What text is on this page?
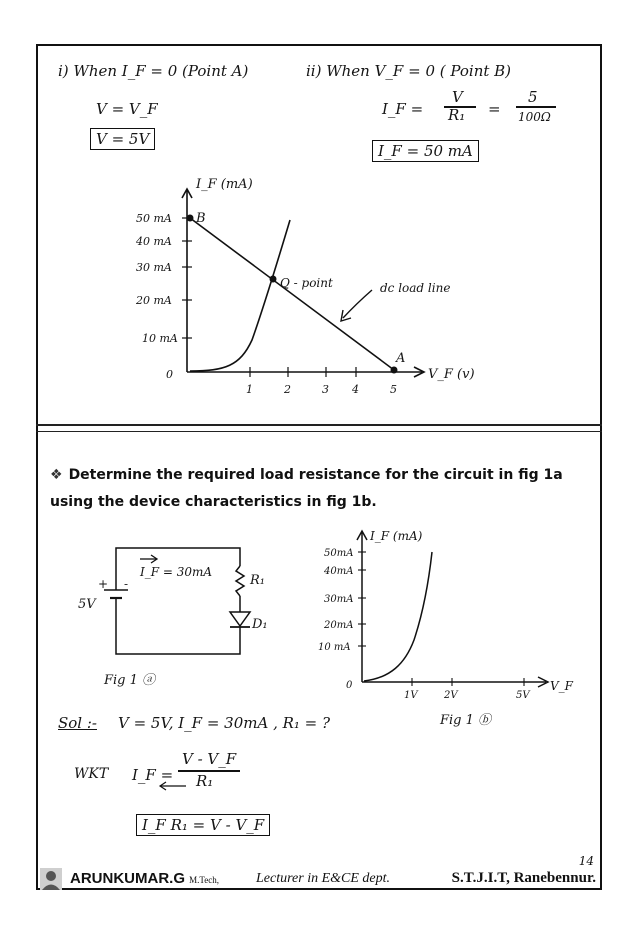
i) When I_F = 0 (Point A)
V = V_F
V = 5V
ii) When V_F = 0 ( Point B)
I_F =
V
R₁ =
5
100Ω
I_F = 50 mA
I_F (mA)
V_F (v)
0
50 mA
40 mA
30 mA
20 mA
10 mA
1	2	3 4	5
B
A
Q - point	dc load line
❖ Determine the required load resistance for the circuit in fig 1a using the device characteristics in fig 1b.
5V
+ -
I_F = 30mA
R₁
D₁
Fig 1 ⓐ
I_F (mA)
V_F
0
50mA
40mA
30mA
20mA
10 mA
1V	2V	5V
Fig 1 ⓑ
Sol :- V = 5V, I_F = 30mA , R₁ = ?
WKT I_F =
V - V_F
R₁
I_F R₁ = V - V_F
14
ARUNKUMAR.G M.Tech,	Lecturer in E&CE dept.	S.T.J.I.T, Ranebennur.
